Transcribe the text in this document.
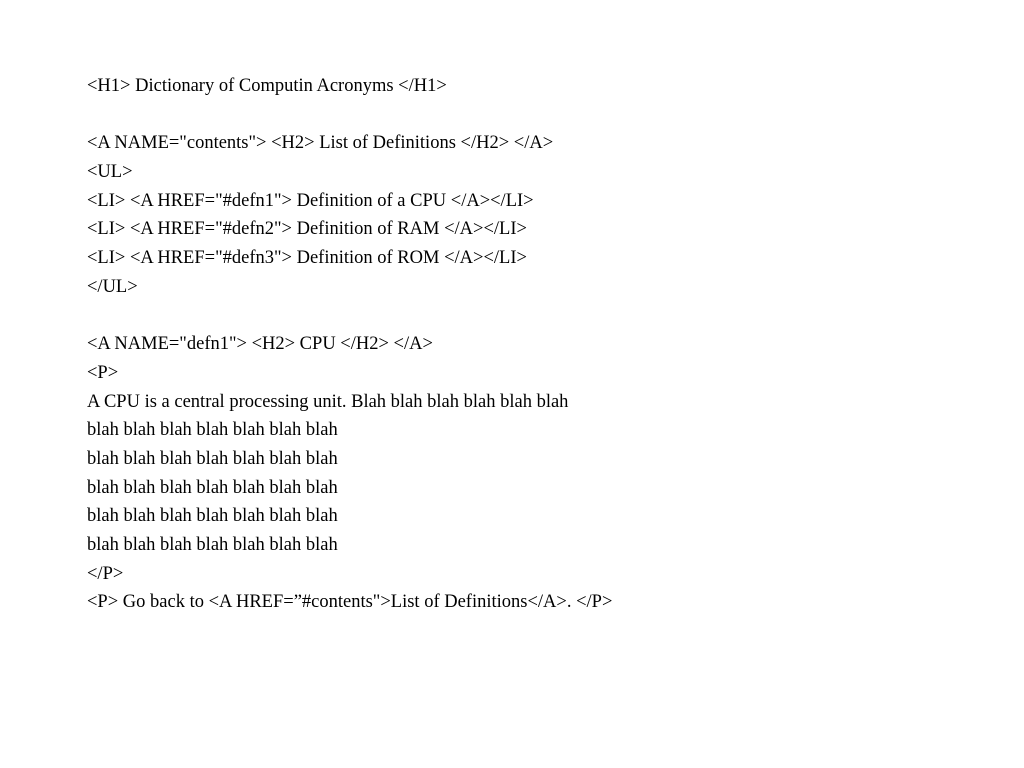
<H1> Dictionary of Computin Acronyms </H1>
<A NAME="contents"> <H2> List of Definitions </H2> </A>
<UL>
<LI> <A HREF="#defn1"> Definition of a CPU </A></LI>
<LI> <A HREF="#defn2"> Definition of RAM </A></LI>
<LI> <A HREF="#defn3"> Definition of ROM </A></LI>
</UL>
<A NAME="defn1"> <H2> CPU </H2> </A>
<P>
A CPU is a central processing unit. Blah blah blah blah blah blah
blah blah blah blah blah blah blah
blah blah blah blah blah blah blah
blah blah blah blah blah blah blah
blah blah blah blah blah blah blah
blah blah blah blah blah blah blah
</P>
<P> Go back to <A HREF=”#contents">List of Definitions</A>. </P>
